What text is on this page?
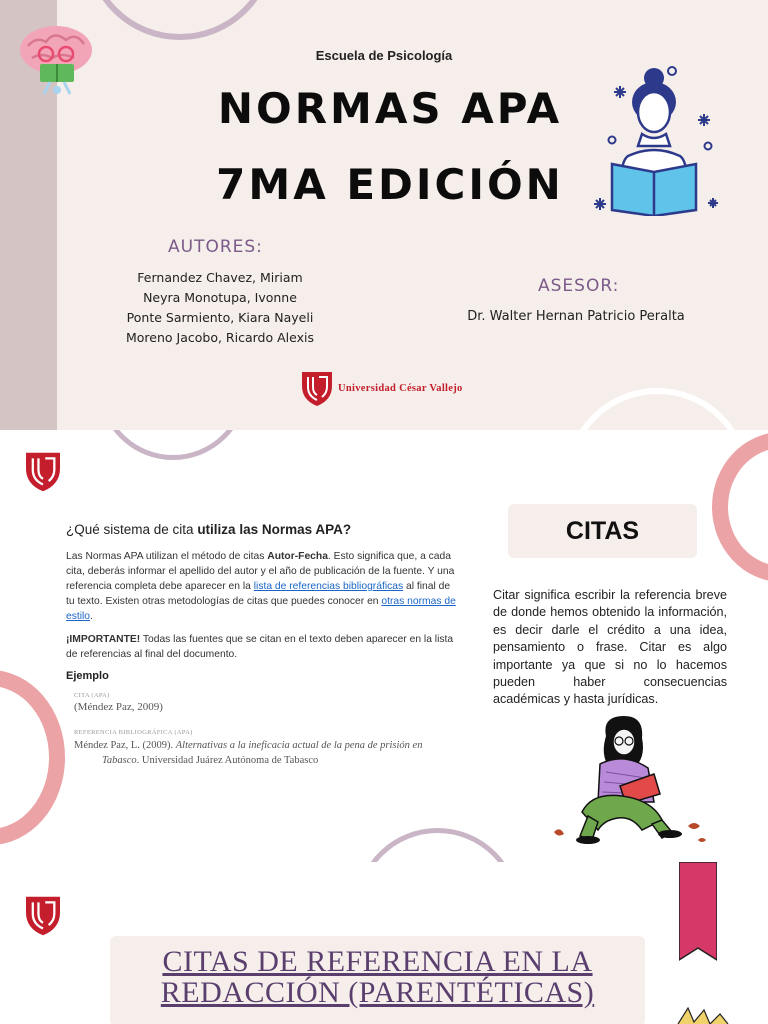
Escuela de Psicología
NORMAS APA
7MA EDICIÓN
AUTORES:
Fernandez Chavez, Miriam
Neyra Monotupa, Ivonne
Ponte Sarmiento, Kiara Nayeli
Moreno Jacobo, Ricardo Alexis
ASESOR:
Dr. Walter Hernan Patricio Peralta
Universidad César Vallejo
¿Qué sistema de cita utiliza las Normas APA?

Las Normas APA utilizan el método de citas Autor-Fecha. Esto significa que, a cada cita, deberás informar el apellido del autor y el año de publicación de la fuente. Y una referencia completa debe aparecer en la lista de referencias bibliográficas al final de tu texto. Existen otras metodologías de citas que puedes conocer en otras normas de estilo.

¡IMPORTANTE! Todas las fuentes que se citan en el texto deben aparecer en la lista de referencias al final del documento.

Ejemplo
CITA (APA)
(Méndez Paz, 2009)
REFERENCIA BIBLIOGRÁFICA (APA)
Méndez Paz, L. (2009). Alternativas a la ineficacia actual de la pena de prisión en
Tabasco. Universidad Juárez Autónoma de Tabasco
CITAS
Citar significa escribir la referencia breve de donde hemos obtenido la información, es decir darle el crédito a una idea, pensamiento o frase. Citar es algo importante ya que si no lo hacemos pueden haber consecuencias académicas y hasta jurídicas.
CITAS DE REFERENCIA EN LA
REDACCIÓN (PARENTÉTICAS)
